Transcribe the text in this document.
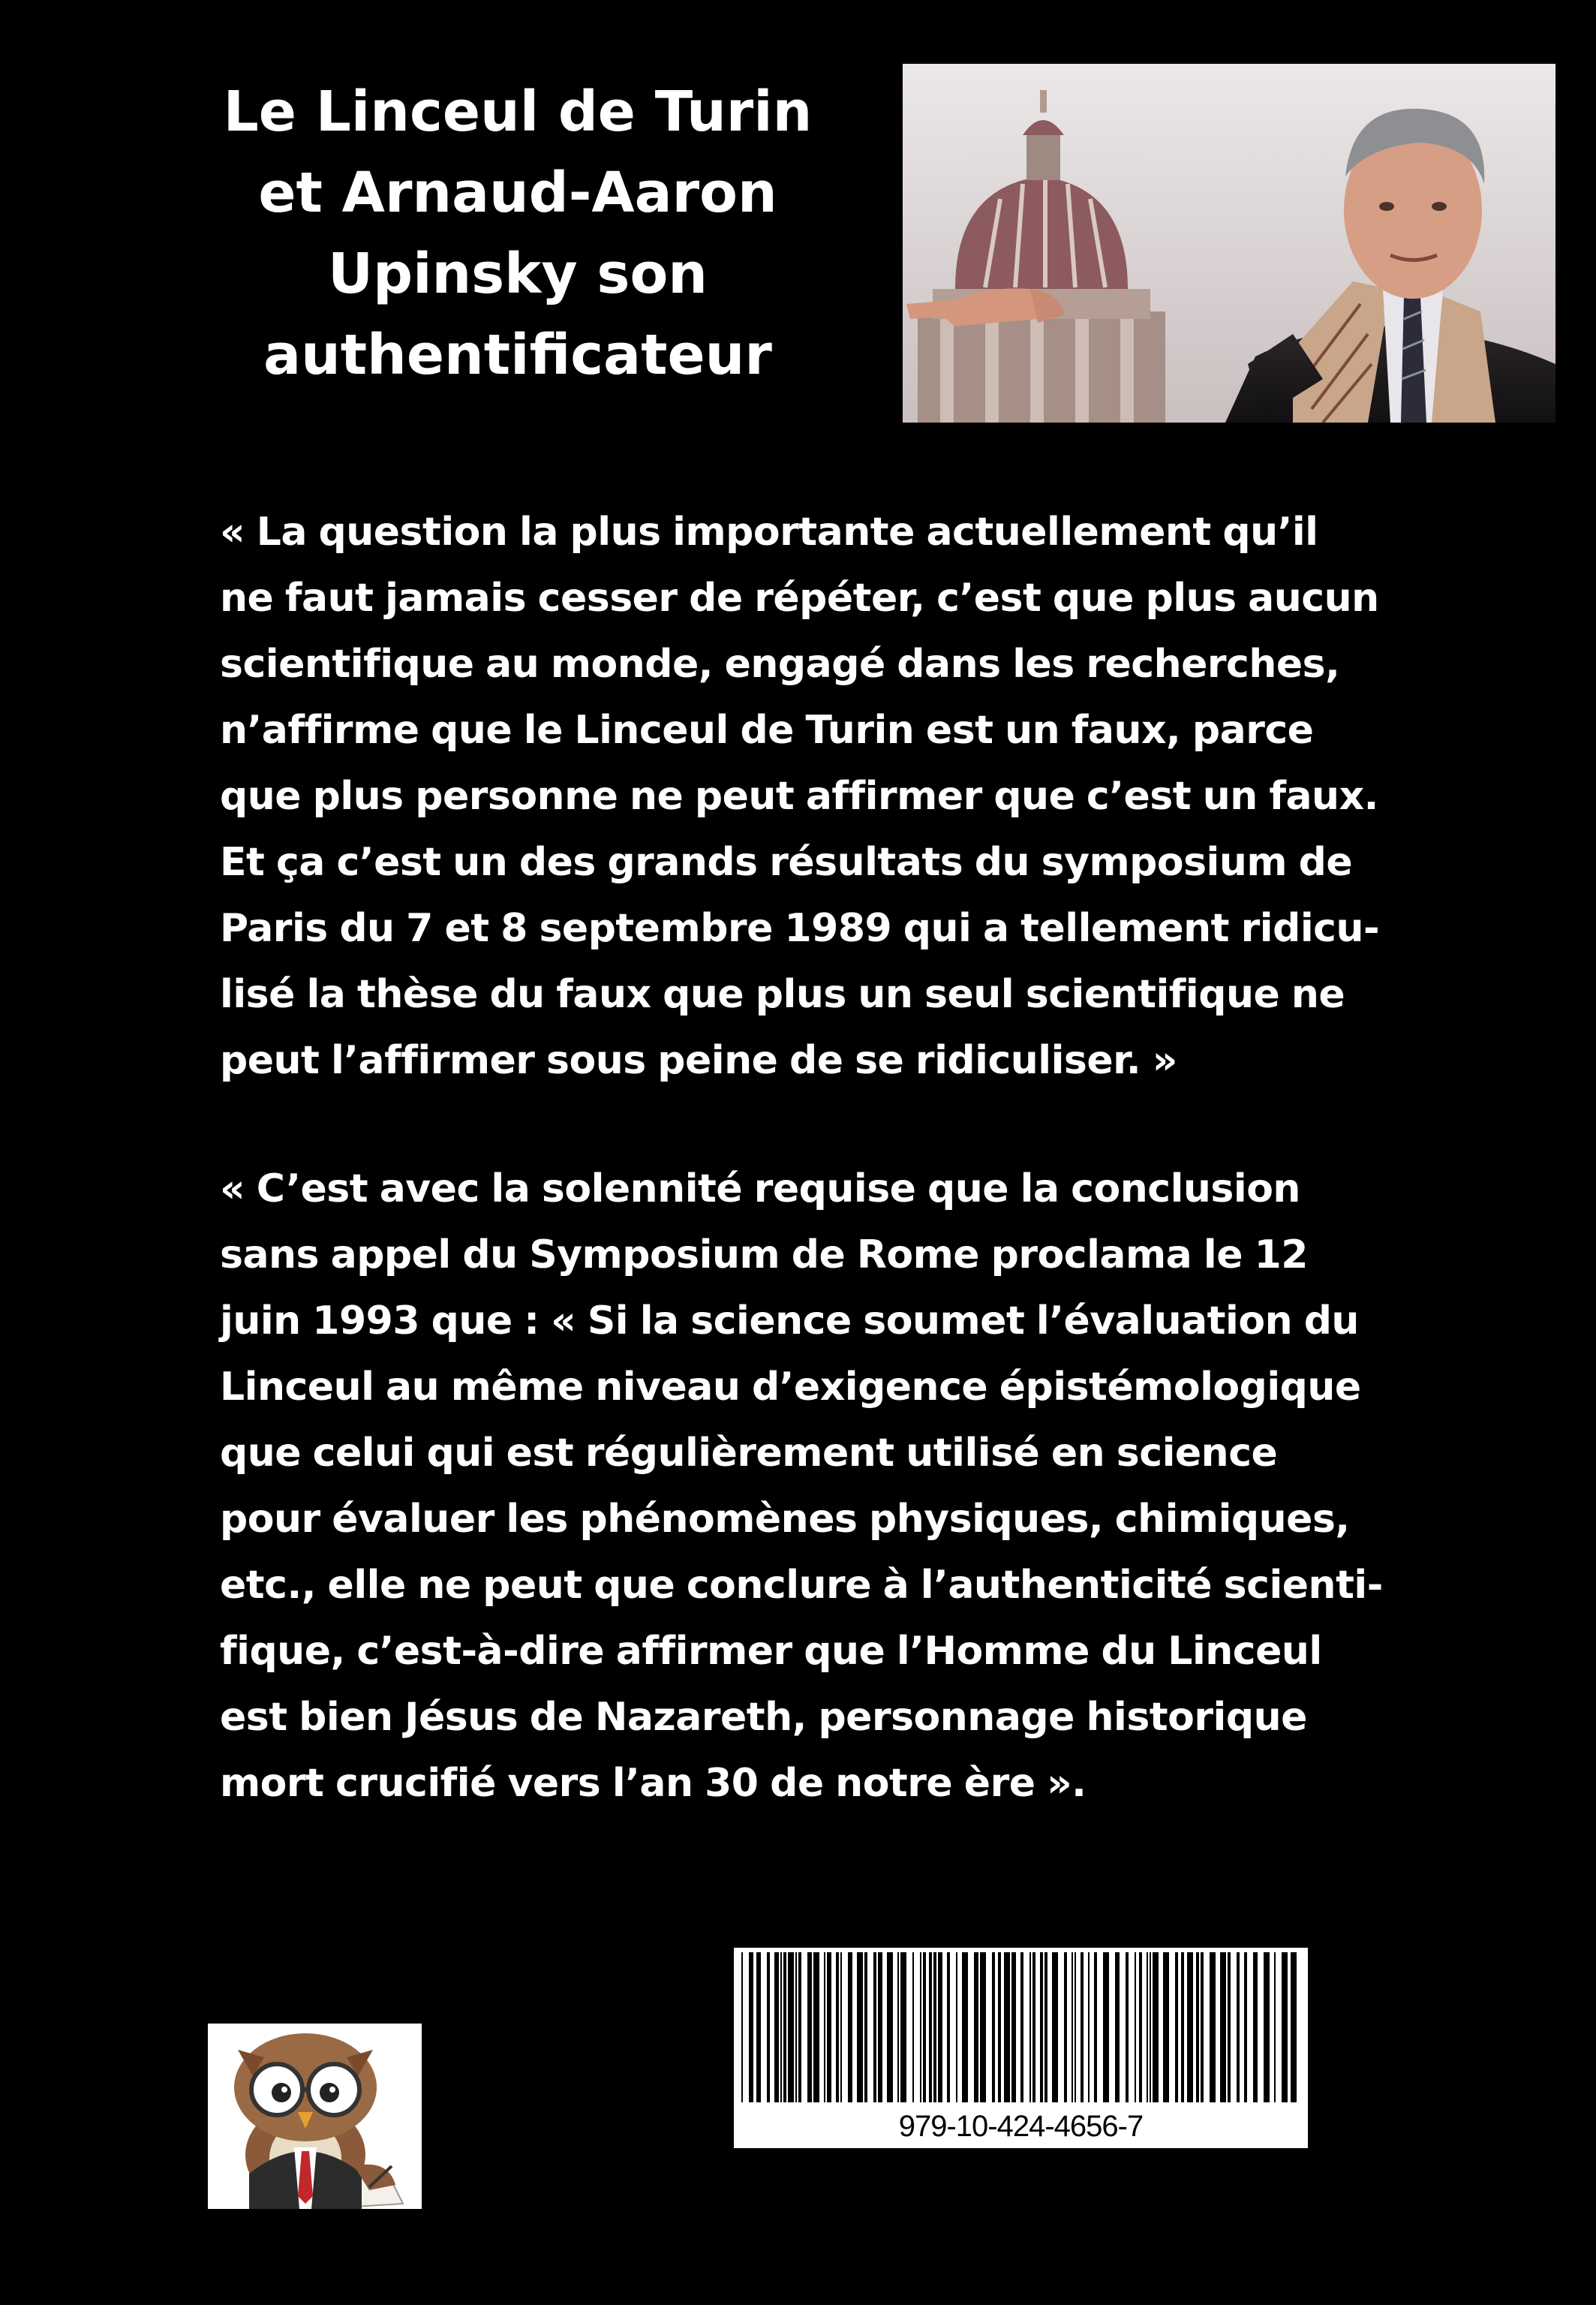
Le Linceul de Turin
et Arnaud-Aaron
Upinsky son
authentificateur
« La question la plus importante actuellement qu’il
ne faut jamais cesser de répéter, c’est que plus aucun
scientifique au monde, engagé dans les recherches,
n’affirme que le Linceul de Turin est un faux, parce
que plus personne ne peut affirmer que c’est un faux.
Et ça c’est un des grands résultats du symposium de
Paris du 7 et 8 septembre 1989 qui a tellement ridicu-
lisé la thèse du faux que plus un seul scientifique ne
peut l’affirmer sous peine de se ridiculiser. »
« C’est avec la solennité requise que la conclusion
sans appel du Symposium de Rome proclama le 12
juin 1993 que : « Si la science soumet l’évaluation du
Linceul au même niveau d’exigence épistémologique
que celui qui est régulièrement utilisé en science
pour évaluer les phénomènes physiques, chimiques,
etc., elle ne peut que conclure à l’authenticité scienti-
fique, c’est-à-dire affirmer que l’Homme du Linceul
est bien Jésus de Nazareth, personnage historique
mort crucifié vers l’an 30 de notre ère ».
979-10-424-4656-7
